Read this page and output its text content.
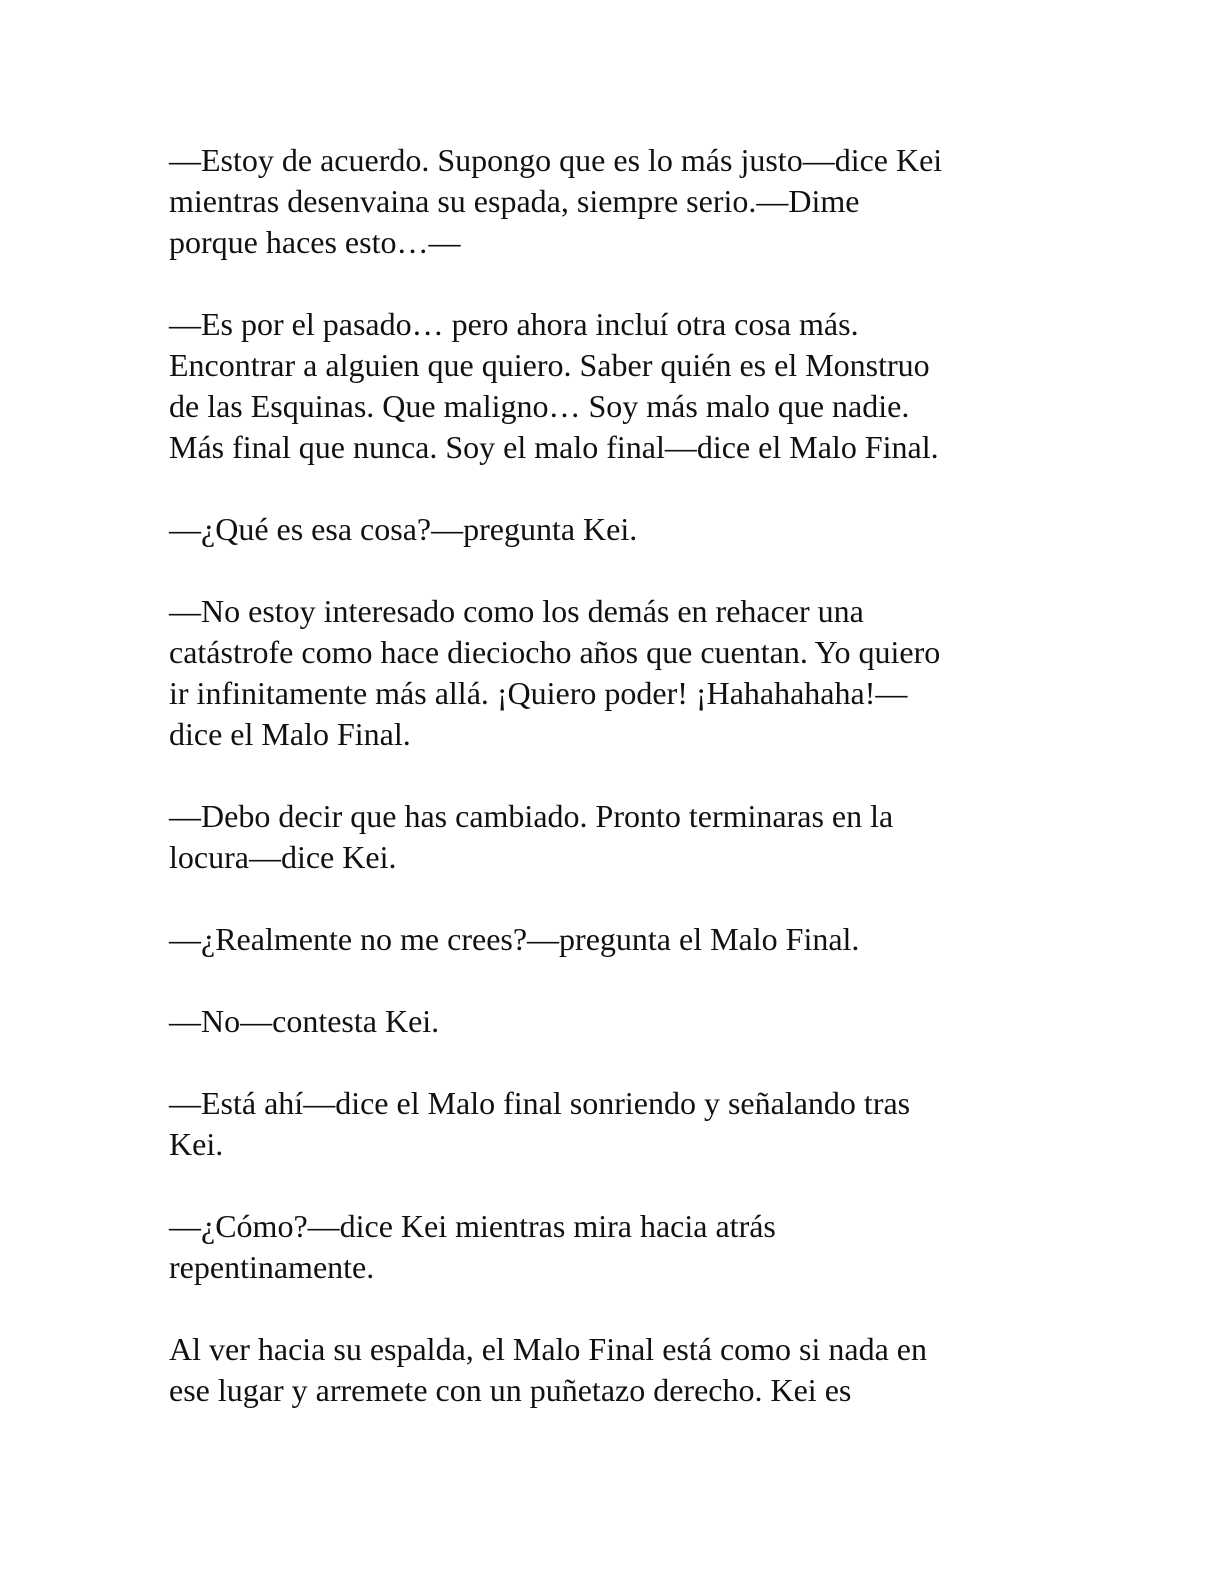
—Estoy de acuerdo. Supongo que es lo más justo—dice Kei
mientras desenvaina su espada, siempre serio.—Dime
porque haces esto…—

—Es por el pasado… pero ahora incluí otra cosa más.
Encontrar a alguien que quiero. Saber quién es el Monstruo
de las Esquinas. Que maligno… Soy más malo que nadie.
Más final que nunca. Soy el malo final—dice el Malo Final.

—¿Qué es esa cosa?—pregunta Kei.

—No estoy interesado como los demás en rehacer una
catástrofe como hace dieciocho años que cuentan. Yo quiero
ir infinitamente más allá. ¡Quiero poder! ¡Hahahahaha!—
dice el Malo Final.

—Debo decir que has cambiado. Pronto terminaras en la
locura—dice Kei.

—¿Realmente no me crees?—pregunta el Malo Final.

—No—contesta Kei.

—Está ahí—dice el Malo final sonriendo y señalando tras
Kei.

—¿Cómo?—dice Kei mientras mira hacia atrás
repentinamente.

Al ver hacia su espalda, el Malo Final está como si nada en
ese lugar y arremete con un puñetazo derecho. Kei es
